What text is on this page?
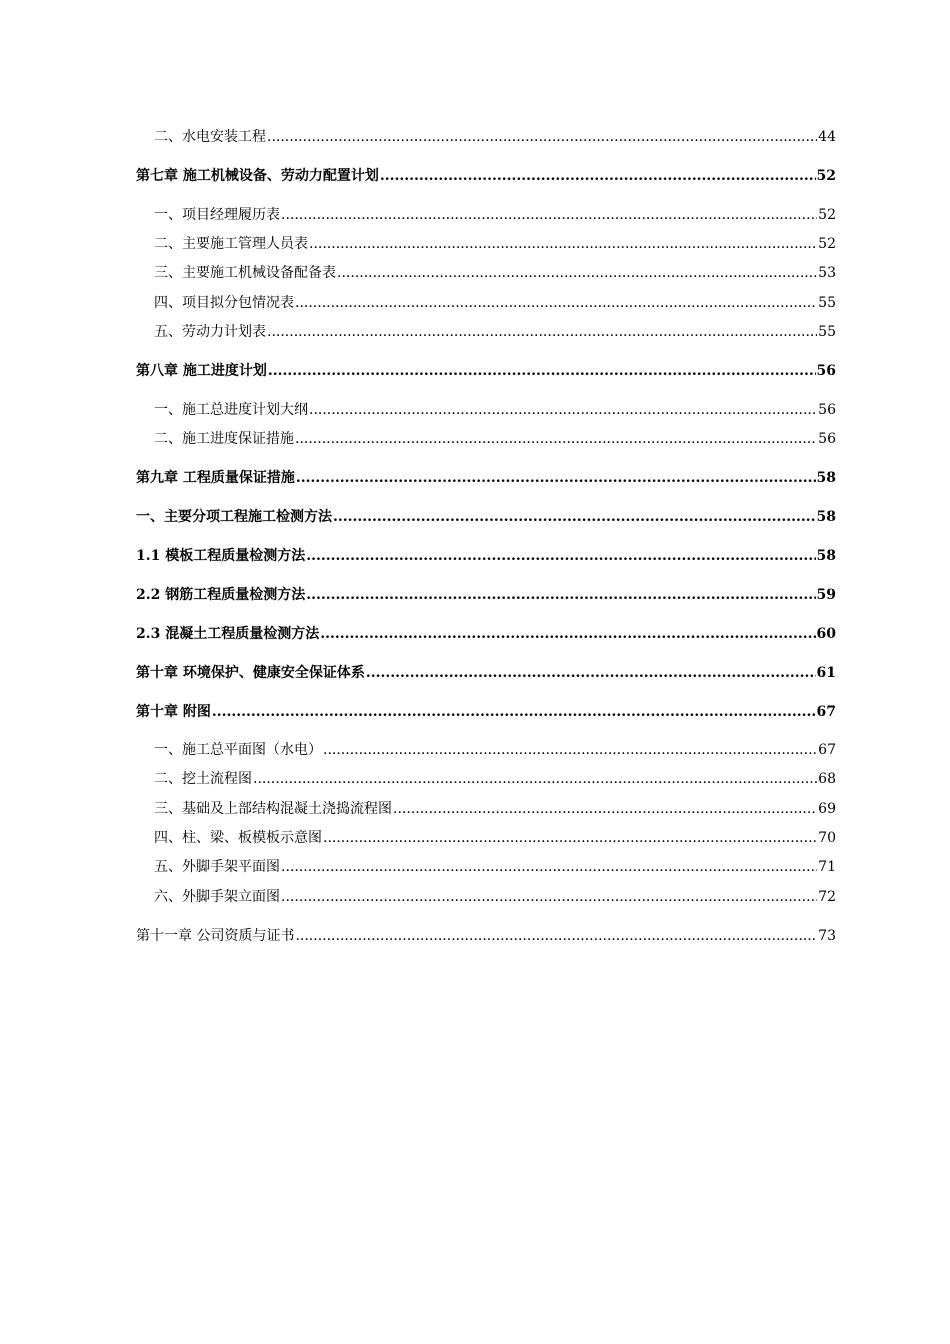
二、水电安装工程 .....	44
第七章 施工机械设备、劳动力配置计划 .....	52
一、项目经理履历表 .....	52
二、主要施工管理人员表 .....	52
三、主要施工机械设备配备表 .....	53
四、项目拟分包情况表 .....	55
五、劳动力计划表 .....	55
第八章 施工进度计划 .....	56
一、施工总进度计划大纲 .....	56
二、施工进度保证措施 .....	56
第九章 工程质量保证措施 .....	58
一、主要分项工程施工检测方法 .....	58
1.1 模板工程质量检测方法 .....	58
2.2 钢筋工程质量检测方法 .....	59
2.3 混凝土工程质量检测方法 .....	60
第十章 环境保护、健康安全保证体系 .....	61
第十章 附图 .....	67
一、施工总平面图（水电） .....	67
二、挖土流程图 .....	68
三、基础及上部结构混凝土浇捣流程图 .....	69
四、柱、梁、板模板示意图 .....	70
五、外脚手架平面图 .....	71
六、外脚手架立面图 .....	72
第十一章 公司资质与证书 .....	73
